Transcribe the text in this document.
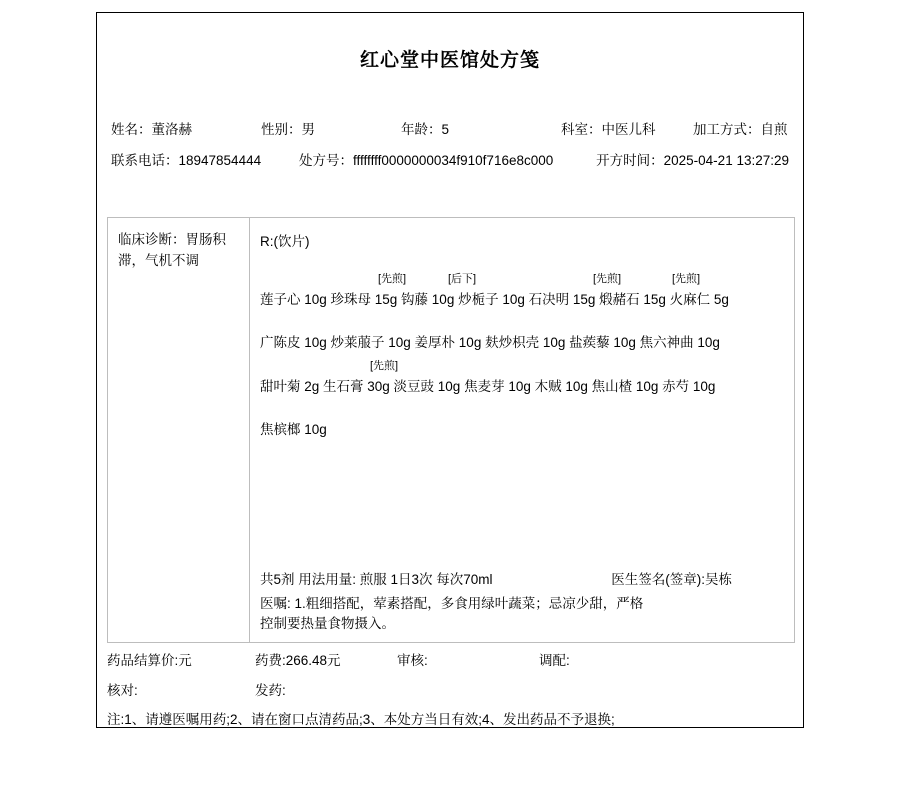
红心堂中医馆处方笺
姓名：董洛赫	性别：男	年龄：5	科室：中医儿科	加工方式：自煎
联系电话：18947854444	处方号：ffffffff0000000034f910f716e8c000	开方时间：2025-04-21 13:27:29
临床诊断：胃肠积滞，气机不调
R:(饮片)
[先煎]	[后下]	[先煎]	[先煎]
莲子心 10g 珍珠母 15g 钩藤 10g 炒栀子 10g 石决明 15g 煅赭石 15g 火麻仁 5g
广陈皮 10g 炒莱菔子 10g 姜厚朴 10g 麸炒枳壳 10g 盐蒺藜 10g 焦六神曲 10g
[先煎]
甜叶菊 2g 生石膏 30g 淡豆豉 10g 焦麦芽 10g 木贼 10g 焦山楂 10g 赤芍 10g
焦槟榔 10g
共5剂 用法用量: 煎服 1日3次 每次70ml	医生签名(签章):吴栋
医嘱: 1.粗细搭配，荤素搭配，多食用绿叶蔬菜；忌凉少甜，严格
控制要热量食物摄入。
药品结算价:元	药费:266.48元	审核:	调配:
核对:	发药:
注:1、请遵医嘱用药;2、请在窗口点清药品;3、本处方当日有效;4、发出药品不予退换;
